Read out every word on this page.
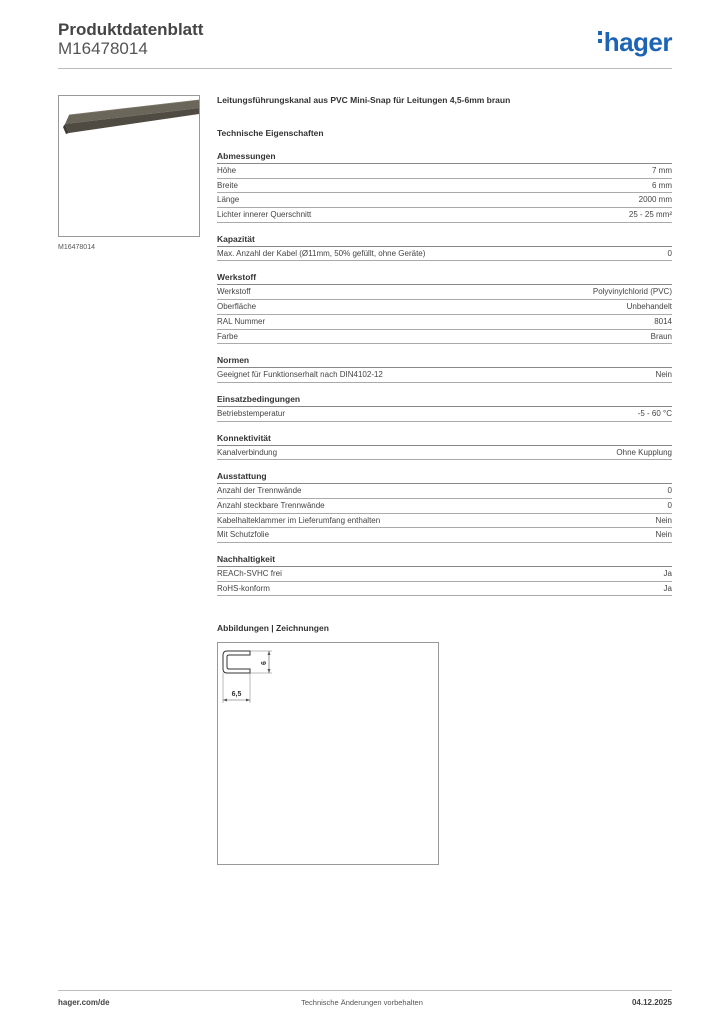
Produktdatenblatt
M16478014	hager
M16478014
Leitungsführungskanal aus PVC Mini-Snap für Leitungen 4,5-6mm braun
Technische Eigenschaften
Abmessungen
Höhe	7 mm
Breite	6 mm
Länge	2000 mm
Lichter innerer Querschnitt	25 - 25 mm²
Kapazität
Max. Anzahl der Kabel (Ø11mm, 50% gefüllt, ohne Geräte)	0
Werkstoff
Werkstoff	Polyvinylchlorid (PVC)
Oberfläche	Unbehandelt
RAL Nummer	8014
Farbe	Braun
Normen
Geeignet für Funktionserhalt nach DIN4102-12	Nein
Einsatzbedingungen
Betriebstemperatur	-5 - 60 °C
Konnektivität
Kanalverbindung	Ohne Kupplung
Ausstattung
Anzahl der Trennwände	0
Anzahl steckbare Trennwände	0
Kabelhalteklammer im Lieferumfang enthalten	Nein
Mit Schutzfolie	Nein
Nachhaltigkeit
REACh-SVHC frei	Ja
RoHS-konform	Ja
Abbildungen | Zeichnungen
6
6,5
hager.com/de	Technische Änderungen vorbehalten	04.12.2025
